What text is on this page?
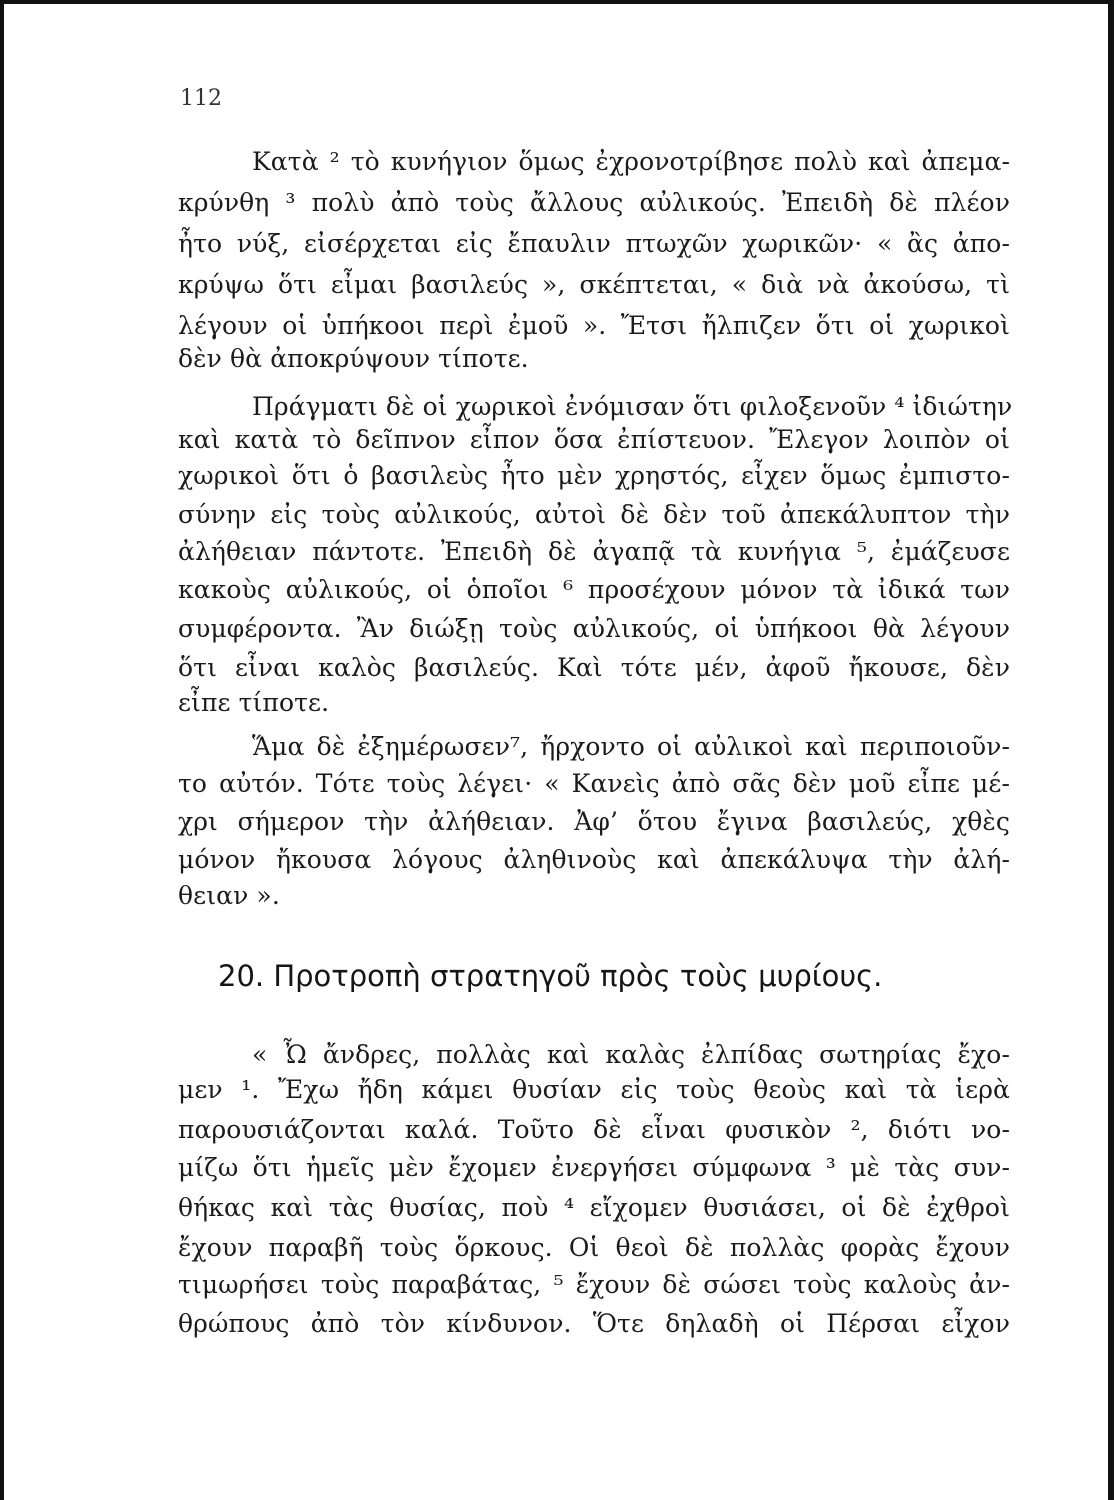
112
Κατὰ ² τὸ κυνήγιον ὅμως ἐχρονοτρίβησε πολὺ καὶ ἀπεμα-
κρύνθη ³ πολὺ ἀπὸ τοὺς ἄλλους αὐλικούς. Ἐπειδὴ δὲ πλέον
ἦτο νύξ, εἰσέρχεται εἰς ἔπαυλιν πτωχῶν χωρικῶν· « ἂς ἀπο-
κρύψω ὅτι εἶμαι βασιλεύς », σκέπτεται, « διὰ νὰ ἀκούσω, τὶ
λέγουν οἱ ὑπήκοοι περὶ ἐμοῦ ». Ἔτσι ἤλπιζεν ὅτι οἱ χωρικοὶ
δὲν θὰ ἀποκρύψουν τίποτε.
Πράγματι δὲ οἱ χωρικοὶ ἐνόμισαν ὅτι φιλοξενοῦν ⁴ ἰδιώτην
καὶ κατὰ τὸ δεῖπνον εἶπον ὅσα ἐπίστευον. Ἔλεγον λοιπὸν οἱ
χωρικοὶ ὅτι ὁ βασιλεὺς ἦτο μὲν χρηστός, εἶχεν ὅμως ἐμπιστο-
σύνην εἰς τοὺς αὐλικούς, αὐτοὶ δὲ δὲν τοῦ ἀπεκάλυπτον τὴν
ἀλήθειαν πάντοτε. Ἐπειδὴ δὲ ἀγαπᾷ τὰ κυνήγια ⁵, ἐμάζευσε
κακοὺς αὐλικούς, οἱ ὁποῖοι ⁶ προσέχουν μόνον τὰ ἰδικά των
συμφέροντα. Ἂν διώξῃ τοὺς αὐλικούς, οἱ ὑπήκοοι θὰ λέγουν
ὅτι εἶναι καλὸς βασιλεύς. Καὶ τότε μέν, ἀφοῦ ἤκουσε, δὲν
εἶπε τίποτε.
Ἅμα δὲ ἐξημέρωσεν⁷, ἤρχοντο οἱ αὐλικοὶ καὶ περιποιοῦν-
το αὐτόν. Τότε τοὺς λέγει· « Κανεὶς ἀπὸ σᾶς δὲν μοῦ εἶπε μέ-
χρι σήμερον τὴν ἀλήθειαν. Ἀφ’ ὅτου ἔγινα βασιλεύς, χθὲς
μόνον ἤκουσα λόγους ἀληθινοὺς καὶ ἀπεκάλυψα τὴν ἀλή-
θειαν ».
20. Προτροπὴ στρατηγοῦ πρὸς τοὺς μυρίους.
« Ὦ ἄνδρες, πολλὰς καὶ καλὰς ἐλπίδας σωτηρίας ἔχο-
μεν ¹. Ἔχω ἤδη κάμει θυσίαν εἰς τοὺς θεοὺς καὶ τὰ ἱερὰ
παρουσιάζονται καλά. Τοῦτο δὲ εἶναι φυσικὸν ², διότι νο-
μίζω ὅτι ἡμεῖς μὲν ἔχομεν ἐνεργήσει σύμφωνα ³ μὲ τὰς συν-
θήκας καὶ τὰς θυσίας, ποὺ ⁴ εἴχομεν θυσιάσει, οἱ δὲ ἐχθροὶ
ἔχουν παραβῆ τοὺς ὅρκους. Οἱ θεοὶ δὲ πολλὰς φορὰς ἔχουν
τιμωρήσει τοὺς παραβάτας, ⁵ ἔχουν δὲ σώσει τοὺς καλοὺς ἀν-
θρώπους ἀπὸ τὸν κίνδυνον. Ὅτε δηλαδὴ οἱ Πέρσαι εἶχον
